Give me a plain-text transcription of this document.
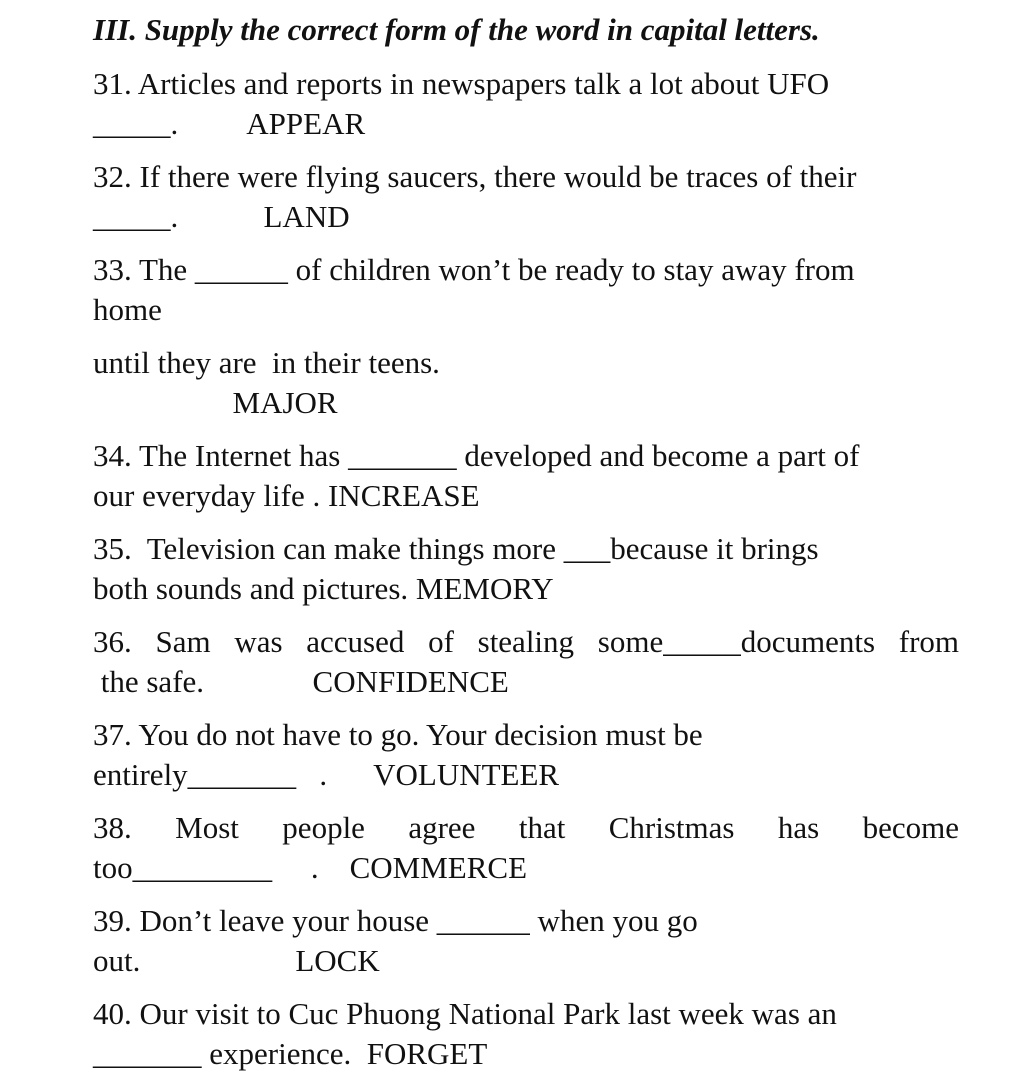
III. Supply the correct form of the word in capital letters.
31. Articles and reports in newspapers talk a lot about UFO
_____.         APPEAR
32. If there were flying saucers, there would be traces of their
_____.           LAND
33. The ______ of children won’t be ready to stay away from
home
until they are  in their teens.
MAJOR
34. The Internet has _______ developed and become a part of
our everyday life . INCREASE
35.  Television can make things more ___because it brings
both sounds and pictures. MEMORY
36. Sam was accused of stealing some_____documents from
the safe.              CONFIDENCE
37. You do not have to go. Your decision must be
entirely_______   .      VOLUNTEER
38. Most people agree that Christmas has become
too_________     .    COMMERCE
39. Don’t leave your house ______ when you go
out.                    LOCK
40. Our visit to Cuc Phuong National Park last week was an
_______ experience.  FORGET
